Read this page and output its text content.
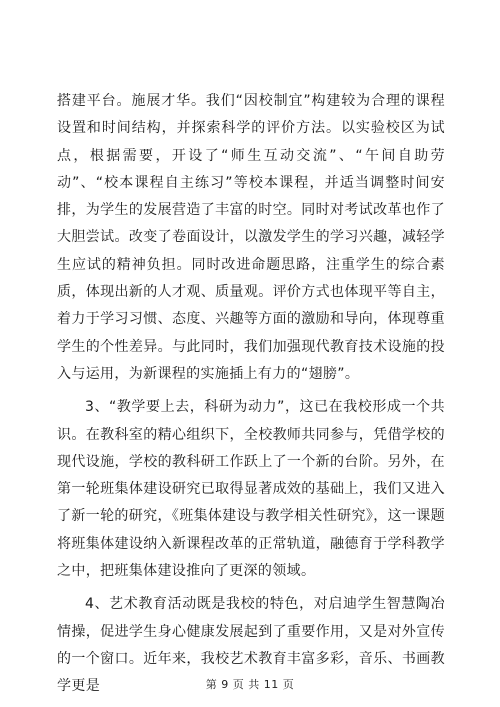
搭建平台。施展才华。我们“因校制宜”构建较为合理的课程设置和时间结构，并探索科学的评价方法。以实验校区为试点，根据需要，开设了“师生互动交流”、“午间自助劳动”、“校本课程自主练习”等校本课程，并适当调整时间安排，为学生的发展营造了丰富的时空。同时对考试改革也作了大胆尝试。改变了卷面设计，以激发学生的学习兴趣，减轻学生应试的精神负担。同时改进命题思路，注重学生的综合素质，体现出新的人才观、质量观。评价方式也体现平等自主，着力于学习习惯、态度、兴趣等方面的激励和导向，体现尊重学生的个性差异。与此同时，我们加强现代教育技术设施的投入与运用，为新课程的实施插上有力的“翅膀”。

3、“教学要上去，科研为动力”，这已在我校形成一个共识。在教科室的精心组织下，全校教师共同参与，凭借学校的现代设施，学校的教科研工作跃上了一个新的台阶。另外，在第一轮班集体建设研究已取得显著成效的基础上，我们又进入了新一轮的研究，《班集体建设与教学相关性研究》，这一课题将班集体建设纳入新课程改革的正常轨道，融德育于学科教学之中，把班集体建设推向了更深的领域。

4、艺术教育活动既是我校的特色，对启迪学生智慧陶冶情操，促进学生身心健康发展起到了重要作用，又是对外宣传的一个窗口。近年来，我校艺术教育丰富多彩，音乐、书画教学更是	第 9 页 共 11 页
